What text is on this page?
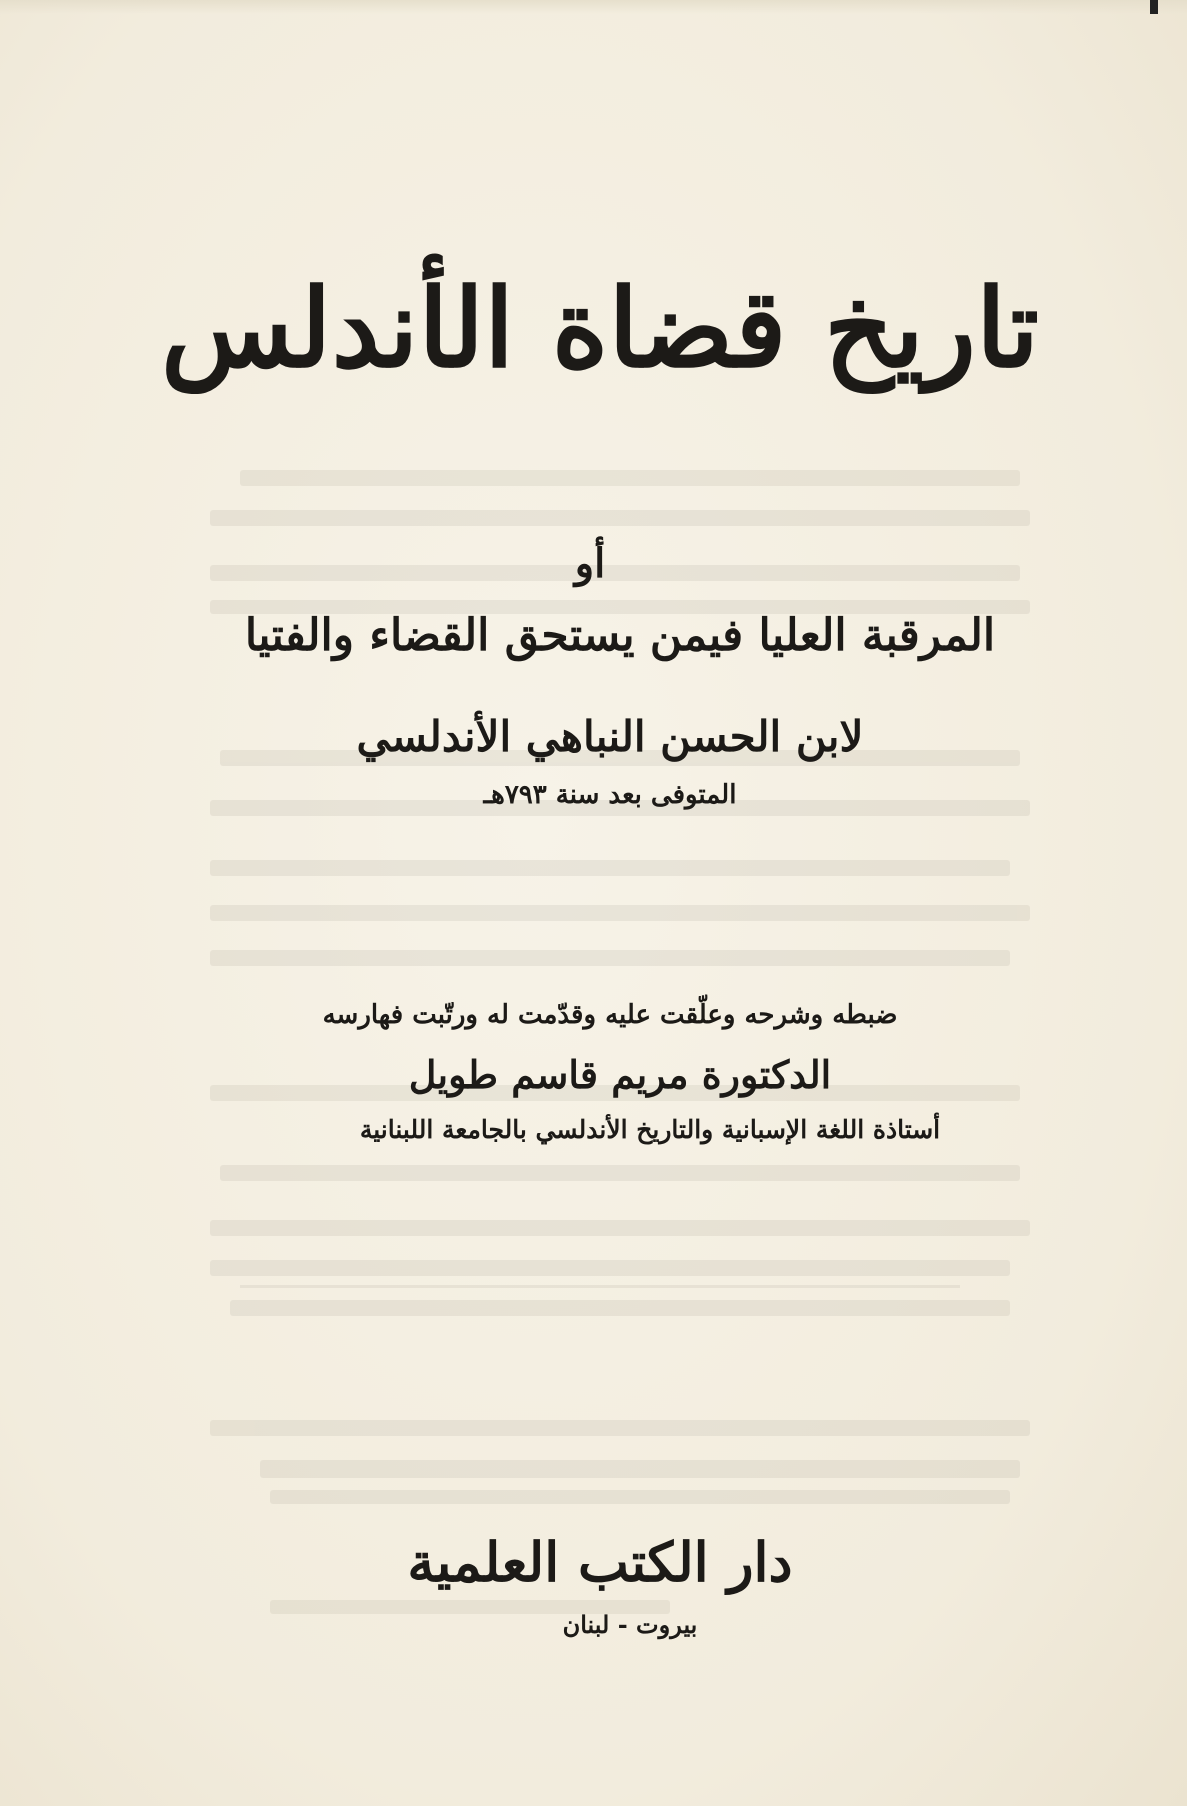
تاريخ قضاة الأندلس
أو
المرقبة العليا فيمن يستحق القضاء والفتيا
لابن الحسن النباهي الأندلسي
المتوفى بعد سنة ٧٩٣هـ
ضبطه وشرحه وعلّقت عليه وقدّمت له ورتّبت فهارسه
الدكتورة مريم قاسم طويل
أستاذة اللغة الإسبانية والتاريخ الأندلسي بالجامعة اللبنانية
دار الكتب العلمية
بيروت - لبنان
